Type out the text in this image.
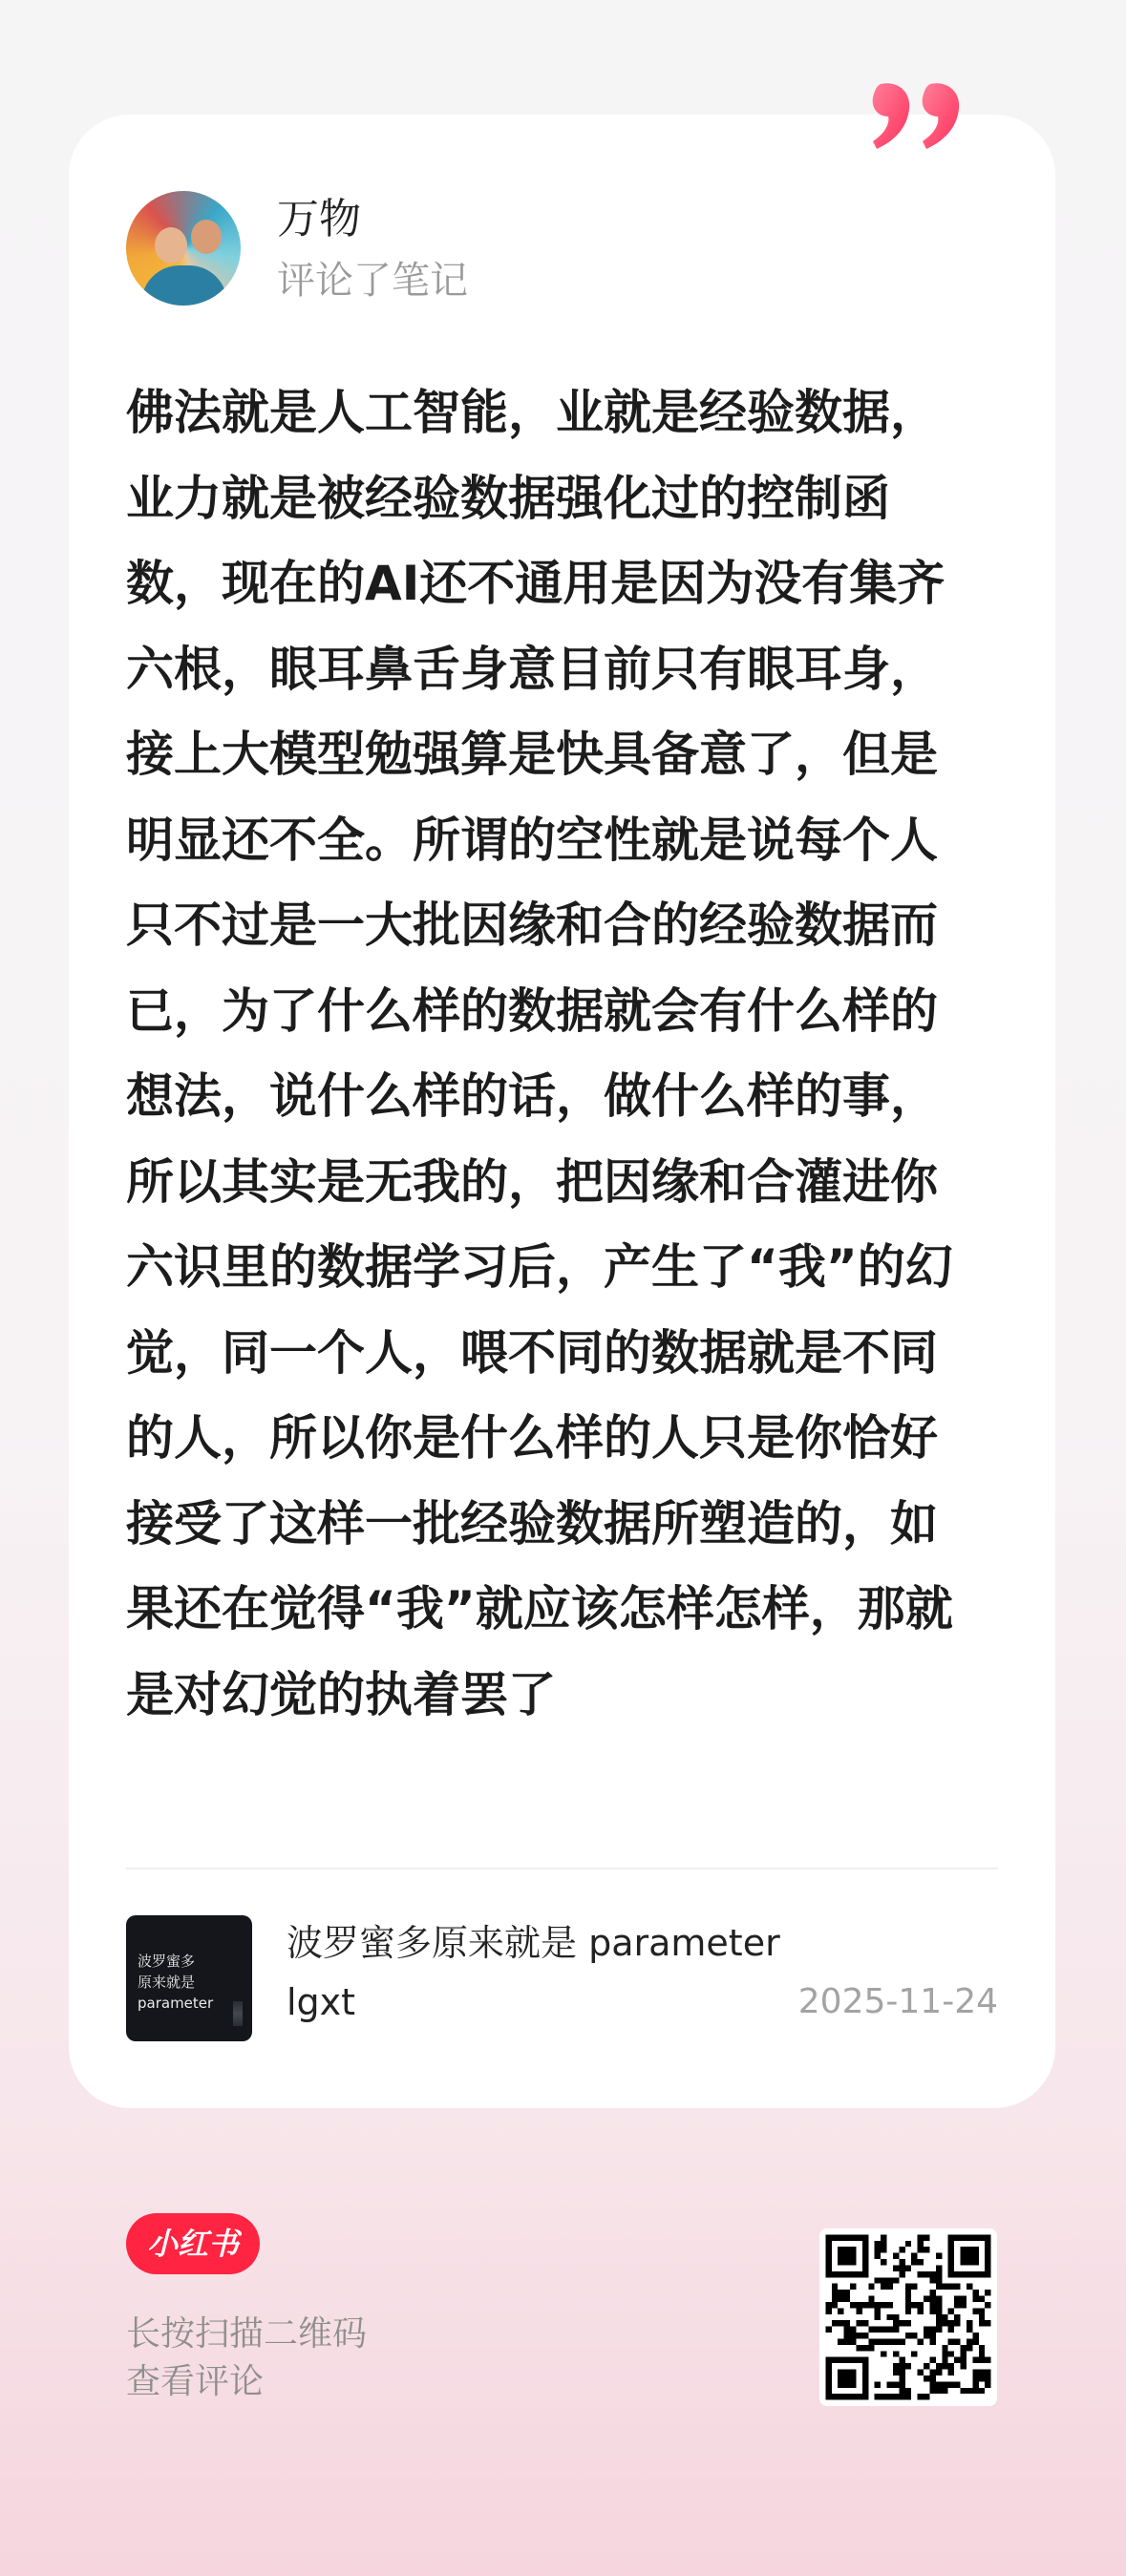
万物
评论了笔记

佛法就是人工智能，业就是经验数据，业力就是被经验数据强化过的控制函数，现在的AI还不通用是因为没有集齐六根，眼耳鼻舌身意目前只有眼耳身，接上大模型勉强算是快具备意了，但是明显还不全。所谓的空性就是说每个人只不过是一大批因缘和合的经验数据而已，为了什么样的数据就会有什么样的想法，说什么样的话，做什么样的事，所以其实是无我的，把因缘和合灌进你六识里的数据学习后，产生了“我”的幻觉，同一个人，喂不同的数据就是不同的人，所以你是什么样的人只是你恰好接受了这样一批经验数据所塑造的，如果还在觉得“我”就应该怎样怎样，那就是对幻觉的执着罢了

波罗蜜多
原来就是
parameter
波罗蜜多原来就是 parameter
lgxt	2025-11-24
小红书
长按扫描二维码
查看评论
